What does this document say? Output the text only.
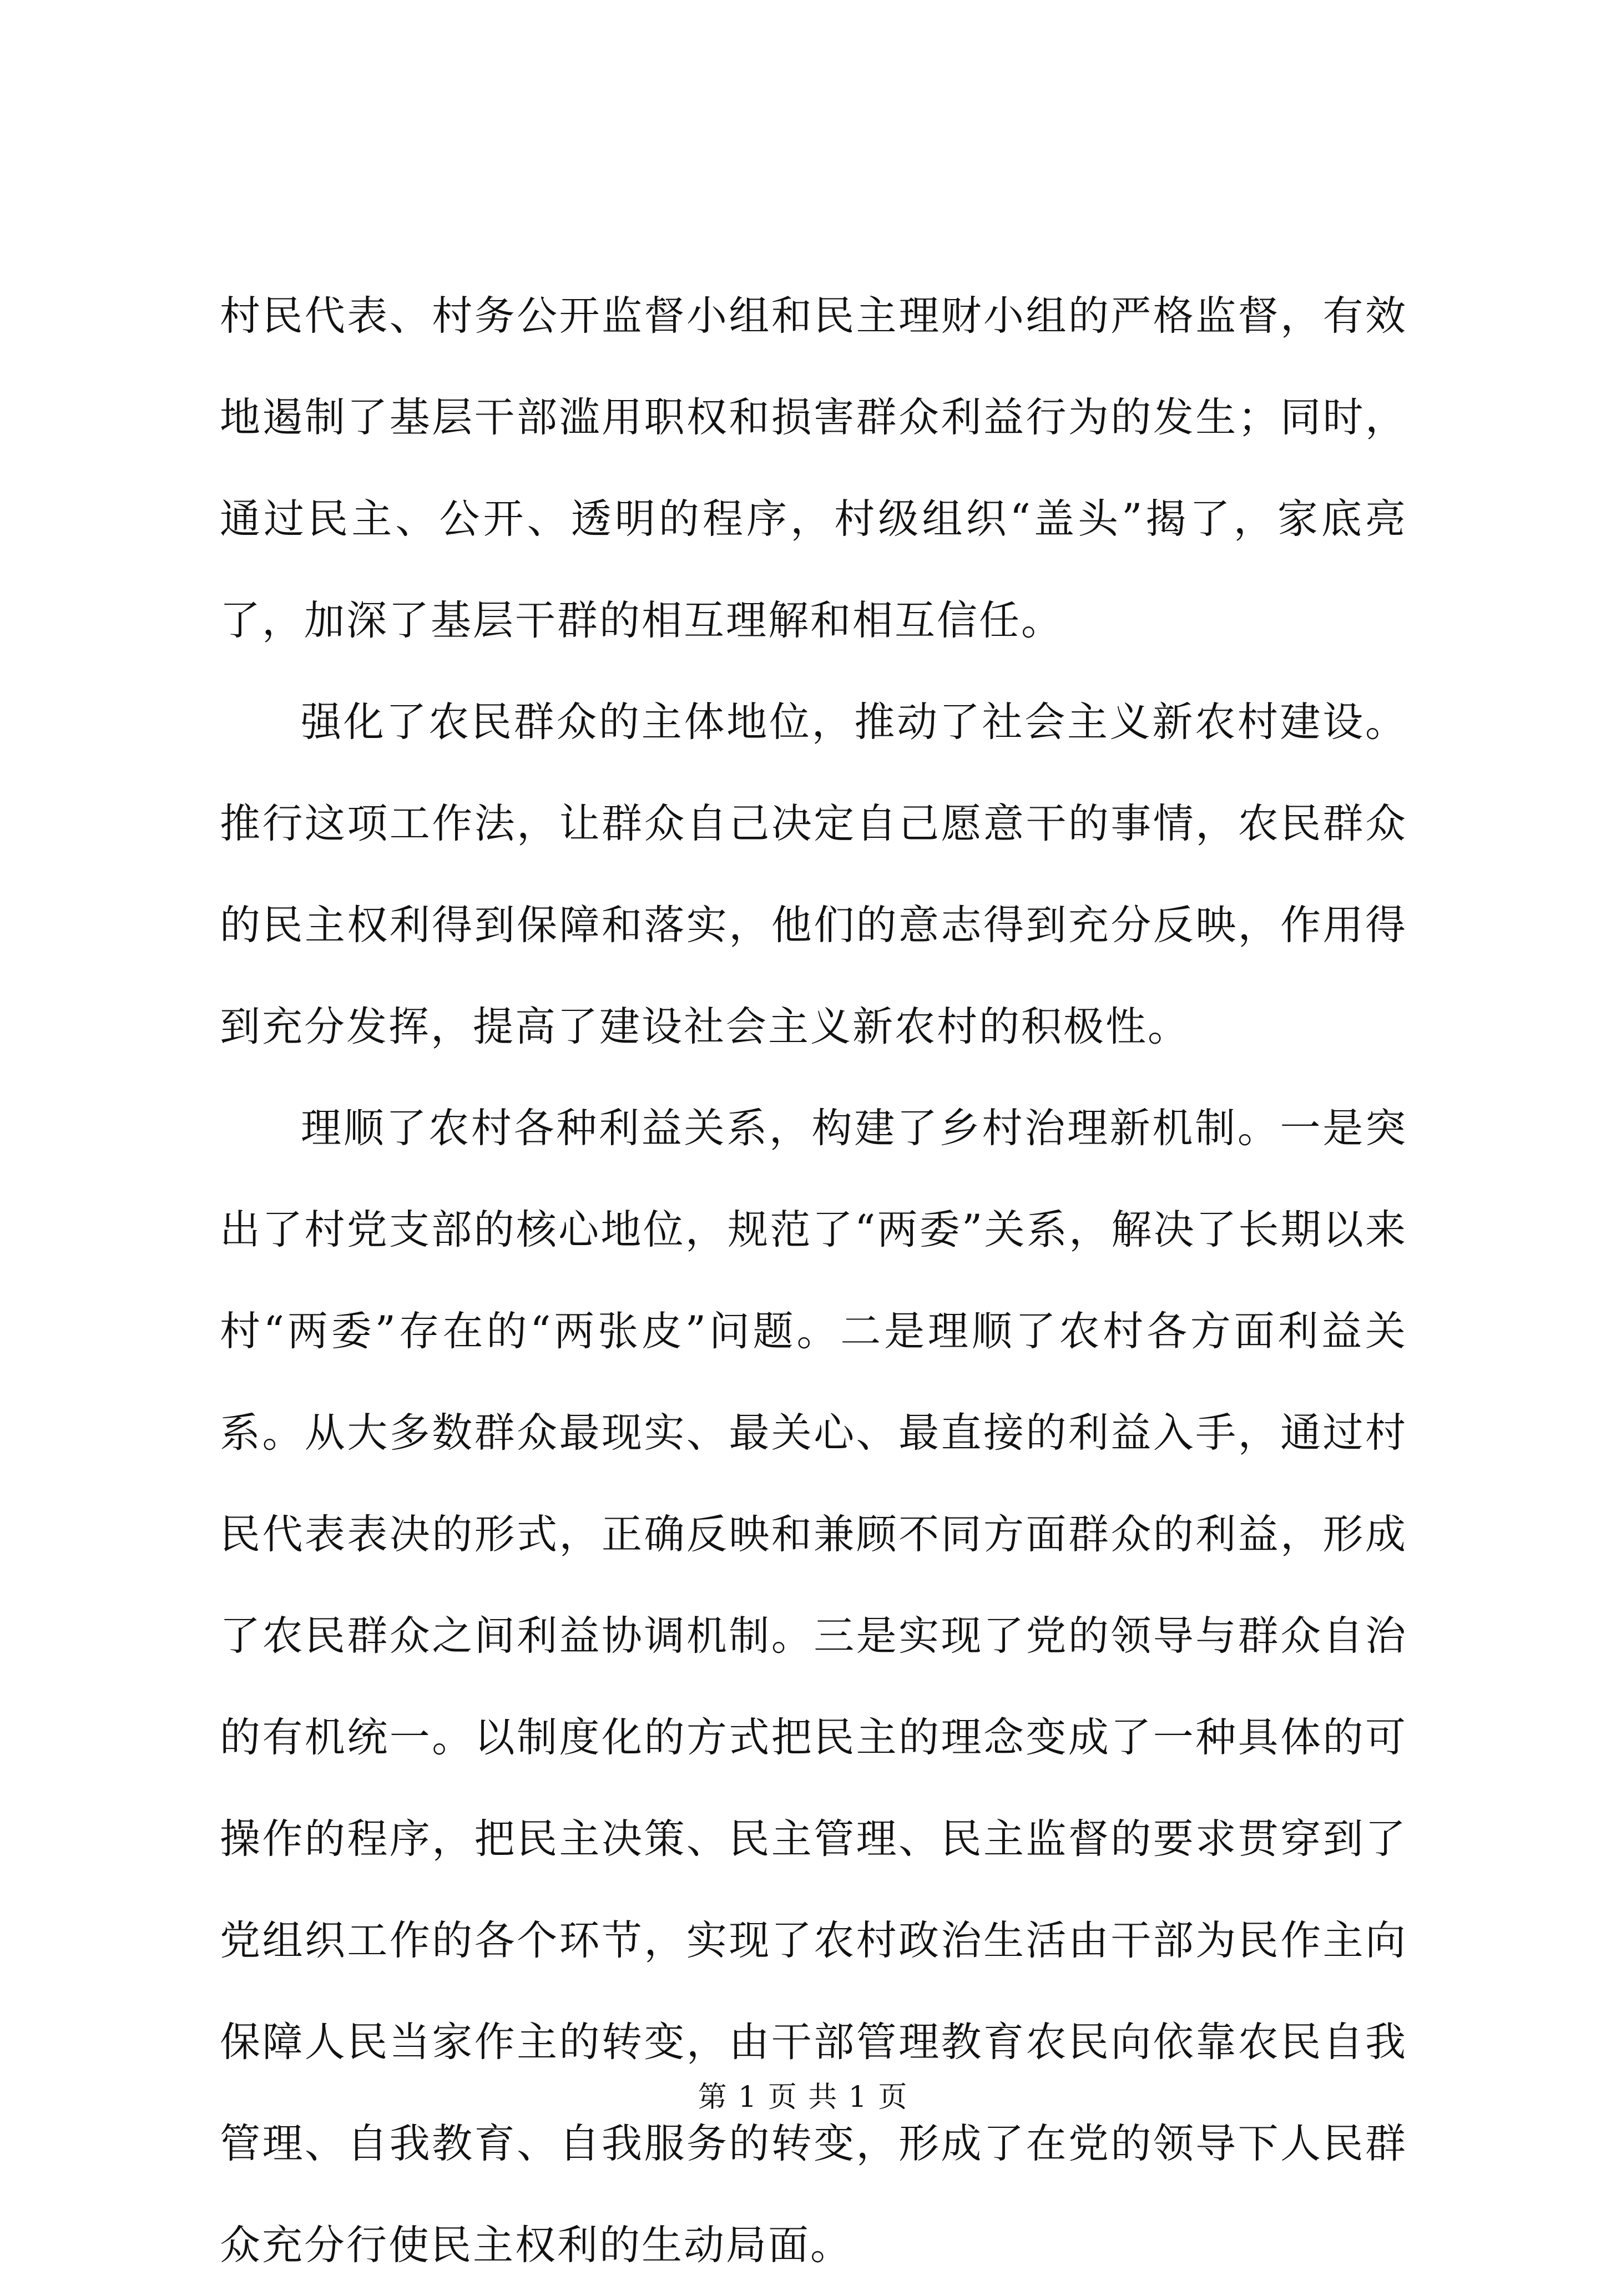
村民代表、村务公开监督小组和民主理财小组的严格监督，有效地遏制了基层干部滥用职权和损害群众利益行为的发生；同时，通过民主、公开、透明的程序，村级组织“盖头”揭了，家底亮了，加深了基层干群的相互理解和相互信任。

强化了农民群众的主体地位，推动了社会主义新农村建设。推行这项工作法，让群众自己决定自己愿意干的事情，农民群众的民主权利得到保障和落实，他们的意志得到充分反映，作用得到充分发挥，提高了建设社会主义新农村的积极性。

理顺了农村各种利益关系，构建了乡村治理新机制。一是突出了村党支部的核心地位，规范了“两委”关系，解决了长期以来村“两委”存在的“两张皮”问题。二是理顺了农村各方面利益关系。从大多数群众最现实、最关心、最直接的利益入手，通过村民代表表决的形式，正确反映和兼顾不同方面群众的利益，形成了农民群众之间利益协调机制。三是实现了党的领导与群众自治的有机统一。以制度化的方式把民主的理念变成了一种具体的可操作的程序，把民主决策、民主管理、民主监督的要求贯穿到了党组织工作的各个环节，实现了农村政治生活由干部为民作主向保障人民当家作主的转变，由干部管理教育农民向依靠农民自我管理、自我教育、自我服务的转变，形成了在党的领导下人民群众充分行使民主权利的生动局面。

第 1 页 共 1 页
